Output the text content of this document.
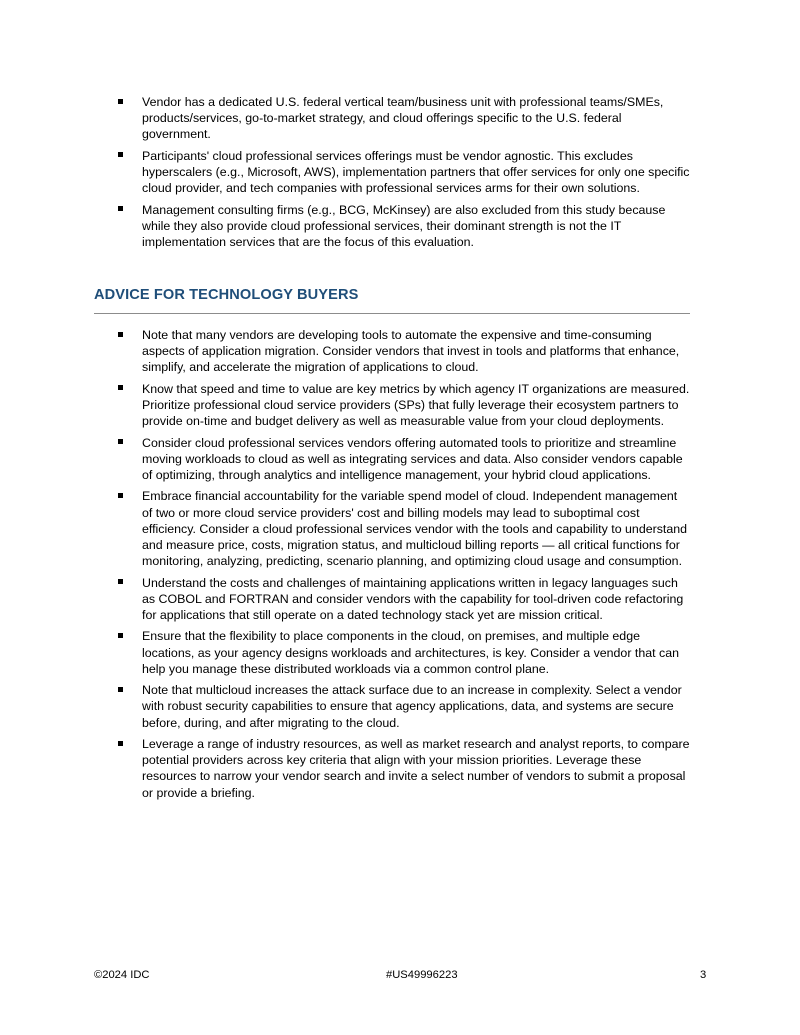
Vendor has a dedicated U.S. federal vertical team/business unit with professional teams/SMEs, products/services, go-to-market strategy, and cloud offerings specific to the U.S. federal government.
Participants' cloud professional services offerings must be vendor agnostic. This excludes hyperscalers (e.g., Microsoft, AWS), implementation partners that offer services for only one specific cloud provider, and tech companies with professional services arms for their own solutions.
Management consulting firms (e.g., BCG, McKinsey) are also excluded from this study because while they also provide cloud professional services, their dominant strength is not the IT implementation services that are the focus of this evaluation.
ADVICE FOR TECHNOLOGY BUYERS
Note that many vendors are developing tools to automate the expensive and time-consuming aspects of application migration. Consider vendors that invest in tools and platforms that enhance, simplify, and accelerate the migration of applications to cloud.
Know that speed and time to value are key metrics by which agency IT organizations are measured. Prioritize professional cloud service providers (SPs) that fully leverage their ecosystem partners to provide on-time and budget delivery as well as measurable value from your cloud deployments.
Consider cloud professional services vendors offering automated tools to prioritize and streamline moving workloads to cloud as well as integrating services and data. Also consider vendors capable of optimizing, through analytics and intelligence management, your hybrid cloud applications.
Embrace financial accountability for the variable spend model of cloud. Independent management of two or more cloud service providers' cost and billing models may lead to suboptimal cost efficiency. Consider a cloud professional services vendor with the tools and capability to understand and measure price, costs, migration status, and multicloud billing reports — all critical functions for monitoring, analyzing, predicting, scenario planning, and optimizing cloud usage and consumption.
Understand the costs and challenges of maintaining applications written in legacy languages such as COBOL and FORTRAN and consider vendors with the capability for tool-driven code refactoring for applications that still operate on a dated technology stack yet are mission critical.
Ensure that the flexibility to place components in the cloud, on premises, and multiple edge locations, as your agency designs workloads and architectures, is key. Consider a vendor that can help you manage these distributed workloads via a common control plane.
Note that multicloud increases the attack surface due to an increase in complexity. Select a vendor with robust security capabilities to ensure that agency applications, data, and systems are secure before, during, and after migrating to the cloud.
Leverage a range of industry resources, as well as market research and analyst reports, to compare potential providers across key criteria that align with your mission priorities. Leverage these resources to narrow your vendor search and invite a select number of vendors to submit a proposal or provide a briefing.
©2024 IDC	#US49996223	3
